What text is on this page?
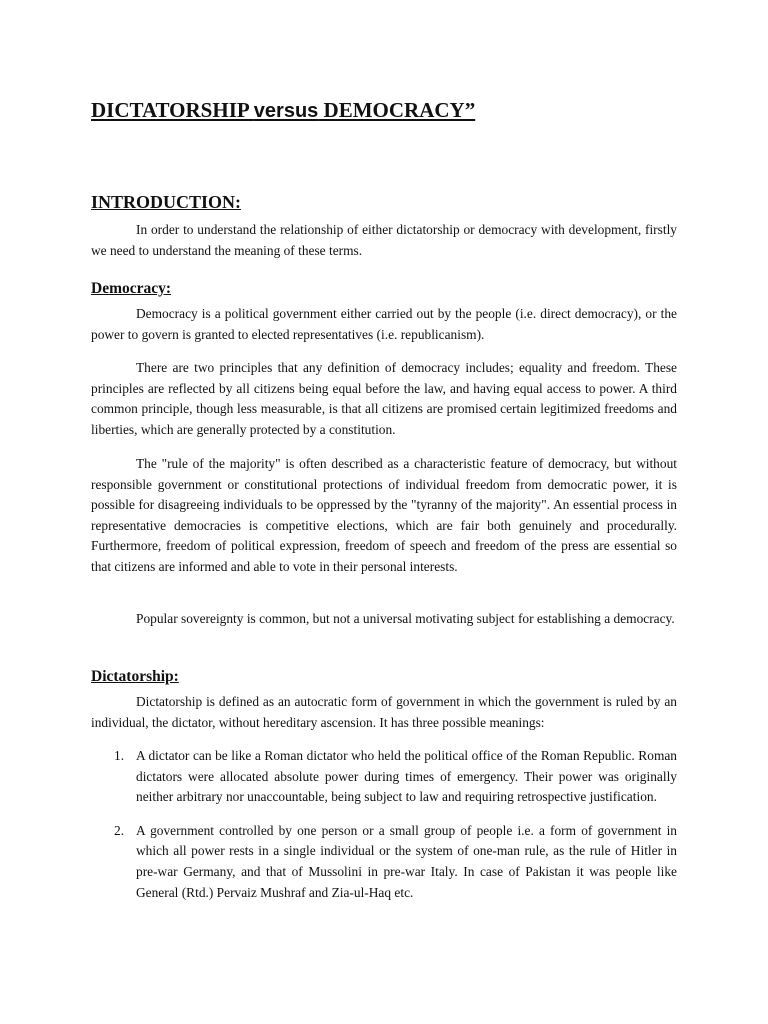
DICTATORSHIP versus DEMOCRACY”
INTRODUCTION:

In order to understand the relationship of either dictatorship or democracy with development, firstly we need to understand the meaning of these terms.

Democracy:

Democracy is a political government either carried out by the people (i.e. direct democracy), or the power to govern is granted to elected representatives (i.e. republicanism).

There are two principles that any definition of democracy includes; equality and freedom. These principles are reflected by all citizens being equal before the law, and having equal access to power. A third common principle, though less measurable, is that all citizens are promised certain legitimized freedoms and liberties, which are generally protected by a constitution.

The "rule of the majority" is often described as a characteristic feature of democracy, but without responsible government or constitutional protections of individual freedom from democratic power, it is possible for disagreeing individuals to be oppressed by the "tyranny of the majority". An essential process in representative democracies is competitive elections, which are fair both genuinely and procedurally. Furthermore, freedom of political expression, freedom of speech and freedom of the press are essential so that citizens are informed and able to vote in their personal interests.

Popular sovereignty is common, but not a universal motivating subject for establishing a democracy.

Dictatorship:

Dictatorship is defined as an autocratic form of government in which the government is ruled by an individual, the dictator, without hereditary ascension. It has three possible meanings:

1. A dictator can be like a Roman dictator who held the political office of the Roman Republic. Roman dictators were allocated absolute power during times of emergency. Their power was originally neither arbitrary nor unaccountable, being subject to law and requiring retrospective justification.
2. A government controlled by one person or a small group of people i.e. a form of government in which all power rests in a single individual or the system of one-man rule, as the rule of Hitler in pre-war Germany, and that of Mussolini in pre-war Italy. In case of Pakistan it was people like General (Rtd.) Pervaiz Mushraf and Zia-ul-Haq etc.
